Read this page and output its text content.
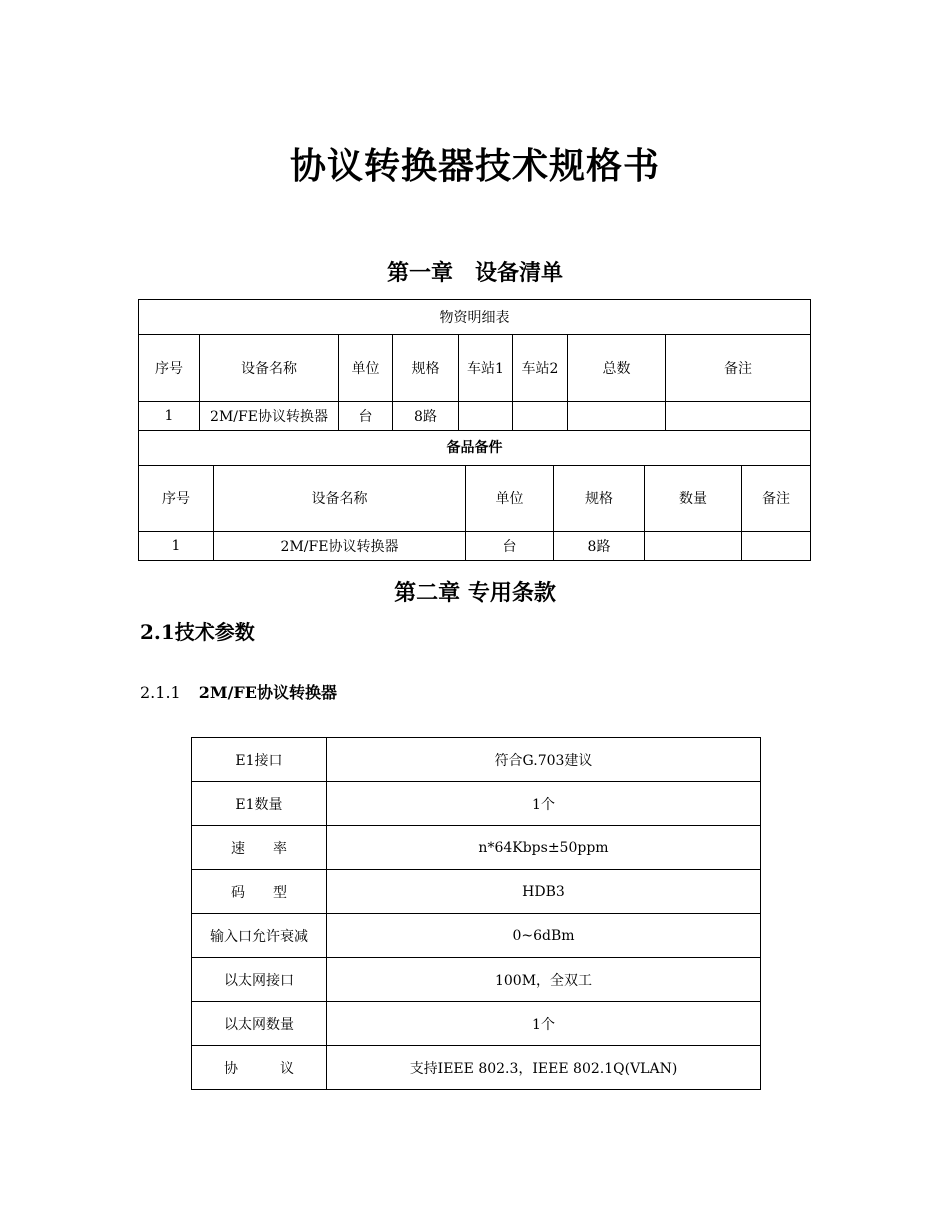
协议转换器技术规格书
第一章　设备清单
物资明细表							
序号	设备名称	单位	规格	车站1	车站2	总数	备注
1	2M/FE协议转换器	台	8路				
备品备件					
序号	设备名称	单位	规格	数量	备注
1	2M/FE协议转换器	台	8路		
第二章 专用条款
2.1技术参数

2.1.1 2M/FE协议转换器

E1接口	符合G.703建议
E1数量	1个
速　　率	n*64Kbps±50ppm
码　　型	HDB3
输入口允许衰减	0~6dBm
以太网接口	100M，全双工
以太网数量	1个
协　　　议	支持IEEE 802.3，IEEE 802.1Q(VLAN)
